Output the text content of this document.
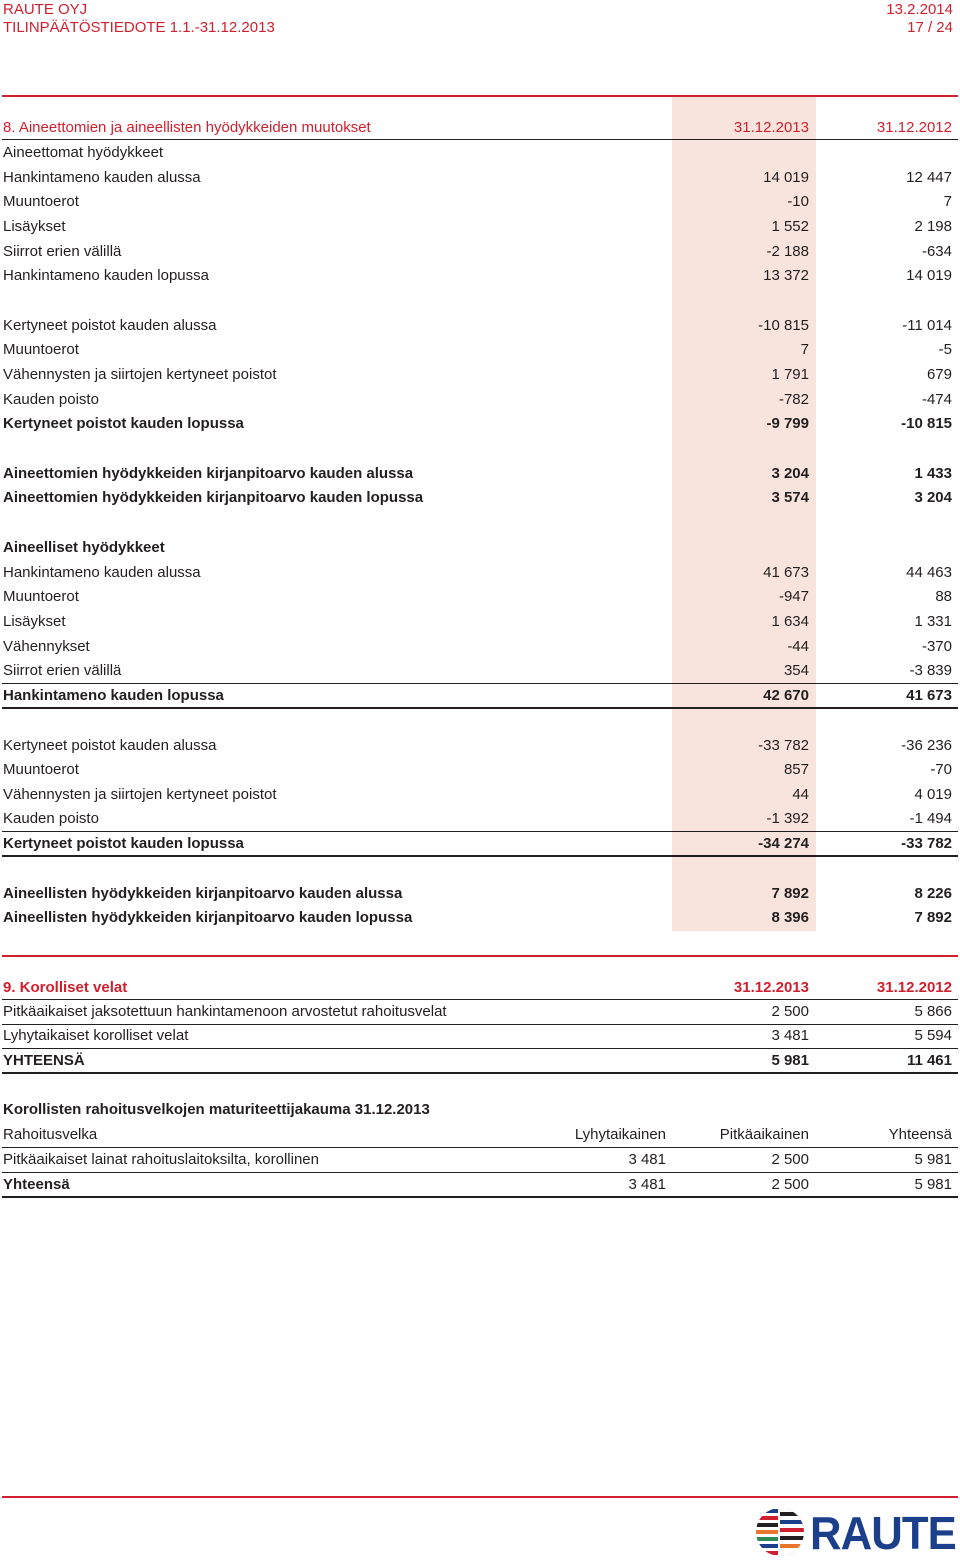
RAUTE OYJ
TILINPÄÄTÖSTIEDOTE 1.1.-31.12.2013
13.2.2014
17 / 24
8. Aineettomien ja aineellisten hyödykkeiden muutokset	31.12.2013	31.12.2012
Aineettomat hyödykkeet
Hankintameno kauden alussa	14 019	12 447
Muuntoerot	-10	7
Lisäykset	1 552	2 198
Siirrot erien välillä	-2 188	-634
Hankintameno kauden lopussa	13 372	14 019
Kertyneet poistot kauden alussa	-10 815	-11 014
Muuntoerot	7	-5
Vähennysten ja siirtojen kertyneet poistot	1 791	679
Kauden poisto	-782	-474
Kertyneet poistot kauden lopussa	-9 799	-10 815
Aineettomien hyödykkeiden kirjanpitoarvo kauden alussa	3 204	1 433
Aineettomien hyödykkeiden kirjanpitoarvo kauden lopussa	3 574	3 204
Aineelliset hyödykkeet
Hankintameno kauden alussa	41 673	44 463
Muuntoerot	-947	88
Lisäykset	1 634	1 331
Vähennykset	-44	-370
Siirrot erien välillä	354	-3 839
Hankintameno kauden lopussa	42 670	41 673
Kertyneet poistot kauden alussa	-33 782	-36 236
Muuntoerot	857	-70
Vähennysten ja siirtojen kertyneet poistot	44	4 019
Kauden poisto	-1 392	-1 494
Kertyneet poistot kauden lopussa	-34 274	-33 782
Aineellisten hyödykkeiden kirjanpitoarvo kauden alussa	7 892	8 226
Aineellisten hyödykkeiden kirjanpitoarvo kauden lopussa	8 396	7 892
9. Korolliset velat	31.12.2013	31.12.2012
Pitkäaikaiset jaksotettuun hankintamenoon arvostetut rahoitusvelat	2 500	5 866
Lyhytaikaiset korolliset velat	3 481	5 594
YHTEENSÄ	5 981	11 461
Korollisten rahoitusvelkojen maturiteettijakauma 31.12.2013
Rahoitusvelka	Lyhytaikainen	Pitkäaikainen	Yhteensä
Pitkäaikaiset lainat rahoituslaitoksilta, korollinen	3 481	2 500	5 981
Yhteensä	3 481	2 500	5 981
RAUTE
